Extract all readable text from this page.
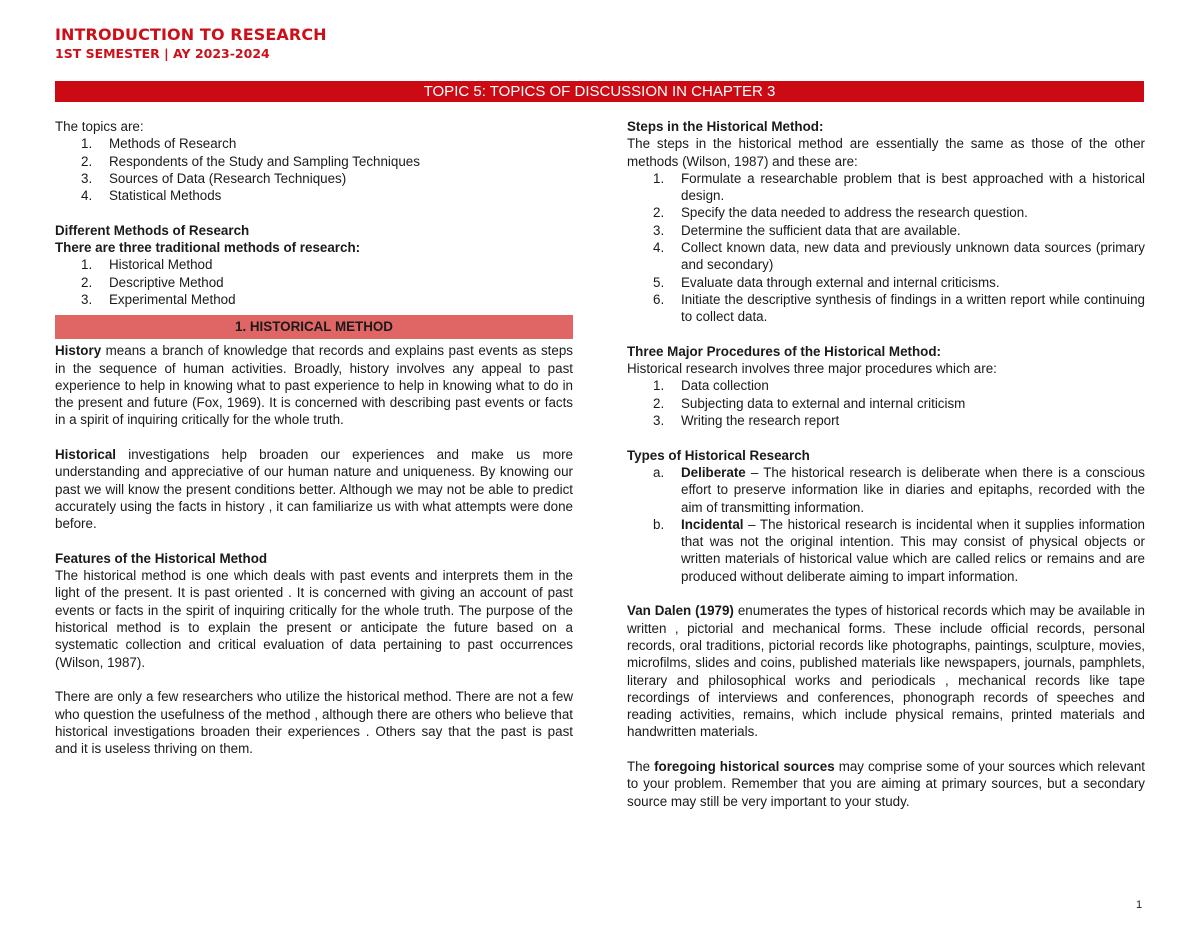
INTRODUCTION TO RESEARCH
1ST SEMESTER | AY 2023-2024
TOPIC 5: TOPICS OF DISCUSSION IN CHAPTER 3

The topics are:

1. Methods of Research
2. Respondents of the Study and Sampling Techniques
3. Sources of Data (Research Techniques)
4. Statistical Methods

Different Methods of Research

There are three traditional methods of research:

1. Historical Method
2. Descriptive Method
3. Experimental Method
1. HISTORICAL METHOD

History means a branch of knowledge that records and explains past events as steps in the sequence of human activities. Broadly, history involves any appeal to past experience to help in knowing what to past experience to help in knowing what to do in the present and future (Fox, 1969). It is concerned with describing past events or facts in a spirit of inquiring critically for the whole truth.

Historical investigations help broaden our experiences and make us more understanding and appreciative of our human nature and uniqueness. By knowing our past we will know the present conditions better. Although we may not be able to predict accurately using the facts in history , it can familiarize us with what attempts were done before.

Features of the Historical Method

The historical method is one which deals with past events and interprets them in the light of the present. It is past oriented . It is concerned with giving an account of past events or facts in the spirit of inquiring critically for the whole truth. The purpose of the historical method is to explain the present or anticipate the future based on a systematic collection and critical evaluation of data pertaining to past occurrences (Wilson, 1987).

There are only a few researchers who utilize the historical method. There are not a few who question the usefulness of the method , although there are others who believe that historical investigations broaden their experiences . Others say that the past is past and it is useless thriving on them.

Steps in the Historical Method:

The steps in the historical method are essentially the same as those of the other methods (Wilson, 1987) and these are:

1. Formulate a researchable problem that is best approached with a historical design.
2. Specify the data needed to address the research question.
3. Determine the sufficient data that are available.
4. Collect known data, new data and previously unknown data sources (primary and secondary)
5. Evaluate data through external and internal criticisms.
6. Initiate the descriptive synthesis of findings in a written report while continuing to collect data.

Three Major Procedures of the Historical Method:

Historical research involves three major procedures which are:

1. Data collection
2. Subjecting data to external and internal criticism
3. Writing the research report

Types of Historical Research

a. Deliberate – The historical research is deliberate when there is a conscious effort to preserve information like in diaries and epitaphs, recorded with the aim of transmitting information.
b. Incidental – The historical research is incidental when it supplies information that was not the original intention. This may consist of physical objects or written materials of historical value which are called relics or remains and are produced without deliberate aiming to impart information.

Van Dalen (1979) enumerates the types of historical records which may be available in written , pictorial and mechanical forms. These include official records, personal records, oral traditions, pictorial records like photographs, paintings, sculpture, movies, microfilms, slides and coins, published materials like newspapers, journals, pamphlets, literary and philosophical works and periodicals , mechanical records like tape recordings of interviews and conferences, phonograph records of speeches and reading activities, remains, which include physical remains, printed materials and handwritten materials.

The foregoing historical sources may comprise some of your sources which relevant to your problem. Remember that you are aiming at primary sources, but a secondary source may still be very important to your study.

1
